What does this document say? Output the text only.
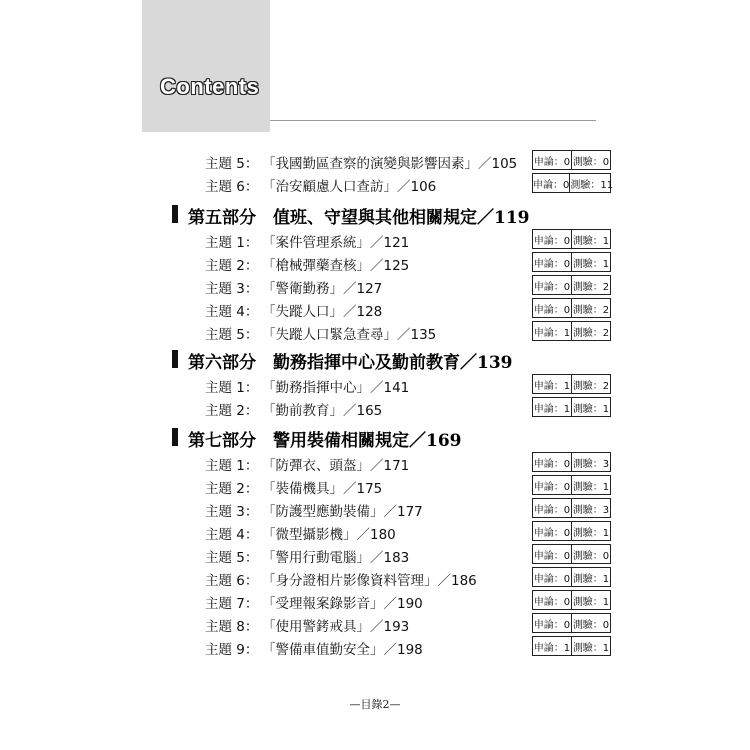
Contents
主題 5： 「我國勤區查察的演變與影響因素」／105 申論：0 測驗：0
主題 6： 「治安顧慮人口查訪」／106	申論：0 測驗：11
第五部分　值班、守望與其他相關規定／119
主題 1： 「案件管理系統」／121	申論：0 測驗：1
主題 2： 「槍械彈藥查核」／125	申論：0 測驗：1
主題 3： 「警衛勤務」／127	申論：0 測驗：2
主題 4： 「失蹤人口」／128	申論：0 測驗：2
主題 5： 「失蹤人口緊急查尋」／135	申論：1 測驗：2
第六部分　勤務指揮中心及勤前教育／139
主題 1： 「勤務指揮中心」／141	申論：1 測驗：2
主題 2： 「勤前教育」／165	申論：1 測驗：1
第七部分　警用裝備相關規定／169
主題 1： 「防彈衣、頭盔」／171	申論：0 測驗：3
主題 2： 「裝備機具」／175	申論：0 測驗：1
主題 3： 「防護型應勤裝備」／177	申論：0 測驗：3
主題 4： 「微型攝影機」／180	申論：0 測驗：1
主題 5： 「警用行動電腦」／183	申論：0 測驗：0
主題 6： 「身分證相片影像資料管理」／186	申論：0 測驗：1
主題 7： 「受理報案錄影音」／190	申論：0 測驗：1
主題 8： 「使用警銬戒具」／193	申論：0 測驗：0
主題 9： 「警備車值勤安全」／198	申論：1 測驗：1
—目錄2—
